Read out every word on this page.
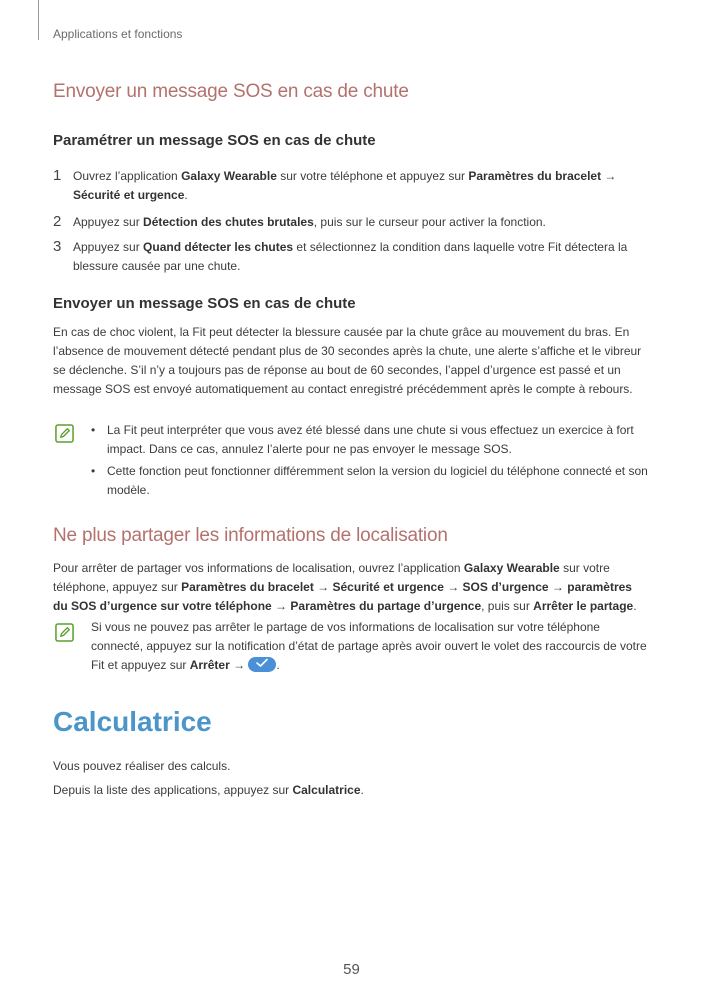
Applications et fonctions
Envoyer un message SOS en cas de chute
Paramétrer un message SOS en cas de chute
1 Ouvrez l’application Galaxy Wearable sur votre téléphone et appuyez sur Paramètres du bracelet → Sécurité et urgence.
2 Appuyez sur Détection des chutes brutales, puis sur le curseur pour activer la fonction.
3 Appuyez sur Quand détecter les chutes et sélectionnez la condition dans laquelle votre Fit détectera la blessure causée par une chute.
Envoyer un message SOS en cas de chute
En cas de choc violent, la Fit peut détecter la blessure causée par la chute grâce au mouvement du bras. En l’absence de mouvement détecté pendant plus de 30 secondes après la chute, une alerte s’affiche et le vibreur se déclenche. S’il n’y a toujours pas de réponse au bout de 60 secondes, l’appel d’urgence est passé et un message SOS est envoyé automatiquement au contact enregistré précédemment après le compte à rebours.
• La Fit peut interpréter que vous avez été blessé dans une chute si vous effectuez un exercice à fort impact. Dans ce cas, annulez l’alerte pour ne pas envoyer le message SOS.
• Cette fonction peut fonctionner différemment selon la version du logiciel du téléphone connecté et son modèle.
Ne plus partager les informations de localisation
Pour arrêter de partager vos informations de localisation, ouvrez l’application Galaxy Wearable sur votre téléphone, appuyez sur Paramètres du bracelet → Sécurité et urgence → SOS d’urgence → paramètres du SOS d’urgence sur votre téléphone → Paramètres du partage d’urgence, puis sur Arrêter le partage.
Si vous ne pouvez pas arrêter le partage de vos informations de localisation sur votre téléphone connecté, appuyez sur la notification d’état de partage après avoir ouvert le volet des raccourcis de votre Fit et appuyez sur Arrêter → .
Calculatrice
Vous pouvez réaliser des calculs.
Depuis la liste des applications, appuyez sur Calculatrice.
59
